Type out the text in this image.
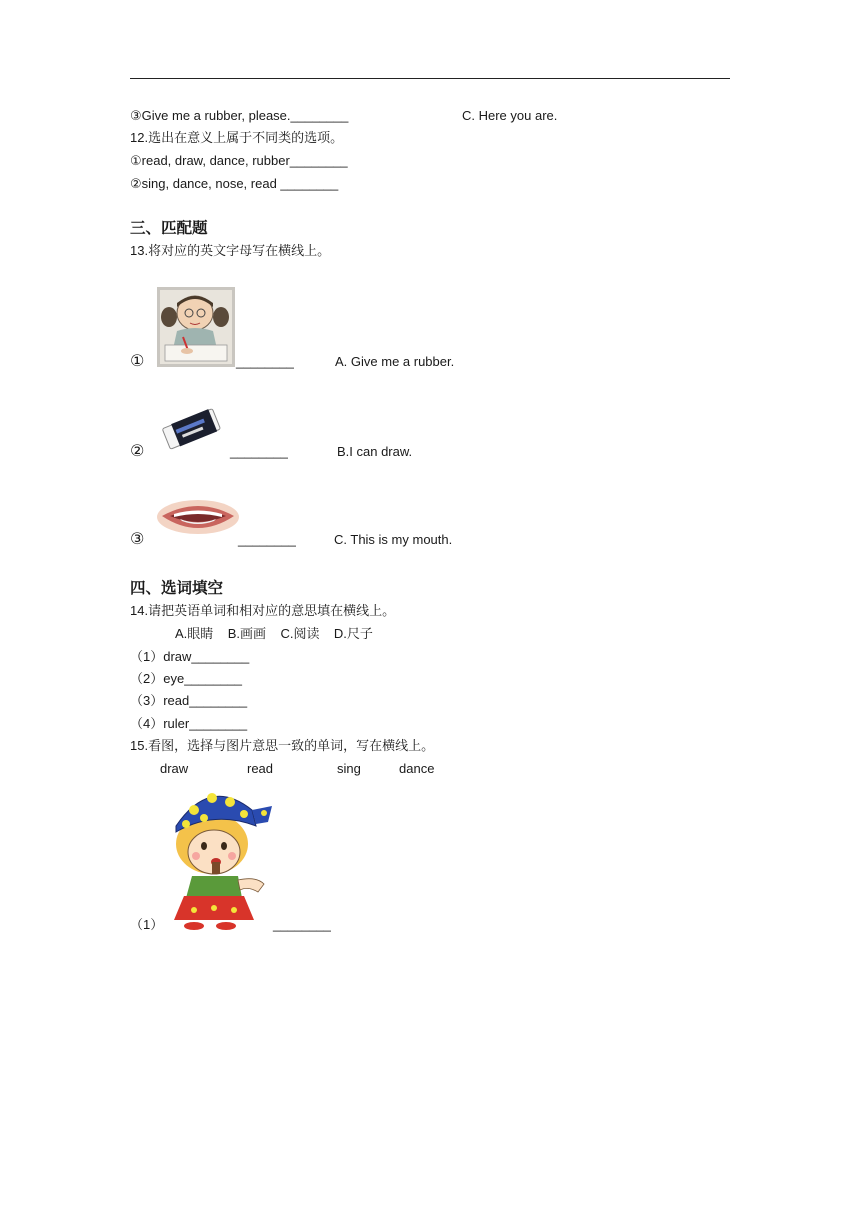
③Give me a rubber, please.________	C. Here you are.
12.选出在意义上属于不同类的选项。
①read, draw, dance, rubber________
②sing, dance, nose, read ________
三、匹配题
13.将对应的英文字母写在横线上。
①	________	A. Give me a rubber.
②	________	B.I can draw.
③	________	C. This is my mouth.
四、选词填空
14.请把英语单词和相对应的意思填在横线上。
A.眼睛    B.画画    C.阅读    D.尺子
（1）draw________
（2）eye________
（3）read________
（4）ruler________
15.看图，选择与图片意思一致的单词，写在横线上。
draw	read	sing	dance
（1）	________
